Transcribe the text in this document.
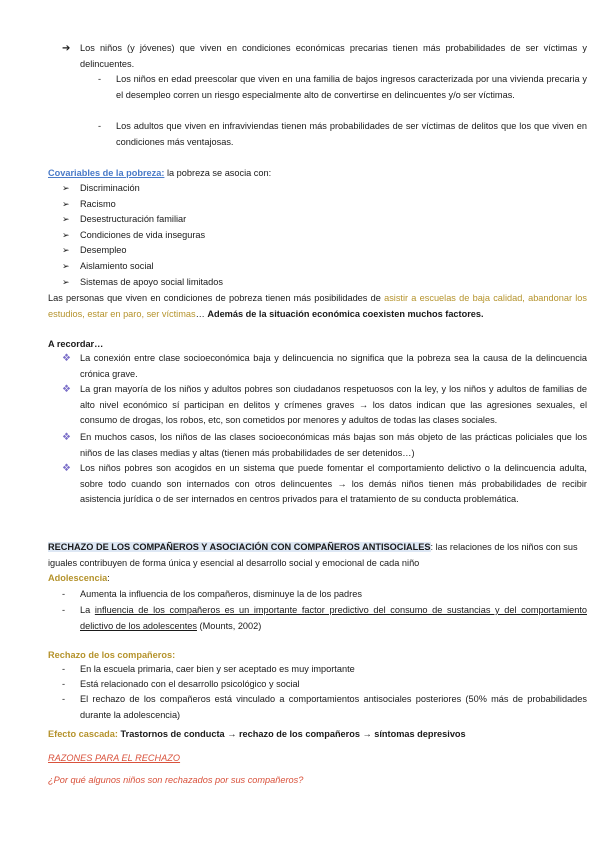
➔	Los niños (y jóvenes) que viven en condiciones económicas precarias tienen más probabilidades de ser víctimas y delincuentes.
-	Los niños en edad preescolar que viven en una familia de bajos ingresos caracterizada por una vivienda precaria y el desempleo corren un riesgo especialmente alto de convertirse en delincuentes y/o ser víctimas.
-	Los adultos que viven en infraviviendas tienen más probabilidades de ser víctimas de delitos que los que viven en condiciones más ventajosas.
Covariables de la pobreza: la pobreza se asocia con:
➢	Discriminación
➢	Racismo
➢	Desestructuración familiar
➢	Condiciones de vida inseguras
➢	Desempleo
➢	Aislamiento social
➢	Sistemas de apoyo social limitados
Las personas que viven en condiciones de pobreza tienen más posibilidades de asistir a escuelas de baja calidad, abandonar los estudios, estar en paro, ser víctimas… Además de la situación económica coexisten muchos factores.
A recordar…
❖ La conexión entre clase socioeconómica baja y delincuencia no significa que la pobreza sea la causa de la delincuencia crónica grave.
❖ La gran mayoría de los niños y adultos pobres son ciudadanos respetuosos con la ley, y los niños y adultos de familias de alto nivel económico sí participan en delitos y crímenes graves → los datos indican que las agresiones sexuales, el consumo de drogas, los robos, etc, son cometidos por menores y adultos de todas las clases sociales.
❖ En muchos casos, los niños de las clases socioeconómicas más bajas son más objeto de las prácticas policiales que los niños de las clases medias y altas (tienen más probabilidades de ser detenidos…)
❖ Los niños pobres son acogidos en un sistema que puede fomentar el comportamiento delictivo o la delincuencia adulta, sobre todo cuando son internados con otros delincuentes → los demás niños tienen más probabilidades de recibir asistencia jurídica o de ser internados en centros privados para el tratamiento de su conducta problemática.
RECHAZO DE LOS COMPAÑEROS Y ASOCIACIÓN CON COMPAÑEROS ANTISOCIALES: las relaciones de los niños con sus iguales contribuyen de forma única y esencial al desarrollo social y emocional de cada niño
Adolescencia:
-	Aumenta la influencia de los compañeros, disminuye la de los padres
-	La influencia de los compañeros es un importante factor predictivo del consumo de sustancias y del comportamiento delictivo de los adolescentes (Mounts, 2002)
Rechazo de los compañeros:
-	En la escuela primaria, caer bien y ser aceptado es muy importante
-	Está relacionado con el desarrollo psicológico y social
-	El rechazo de los compañeros está vinculado a comportamientos antisociales posteriores (50% más de probabilidades durante la adolescencia)
Efecto cascada: Trastornos de conducta → rechazo de los compañeros → síntomas depresivos
RAZONES PARA EL RECHAZO
¿Por qué algunos niños son rechazados por sus compañeros?
